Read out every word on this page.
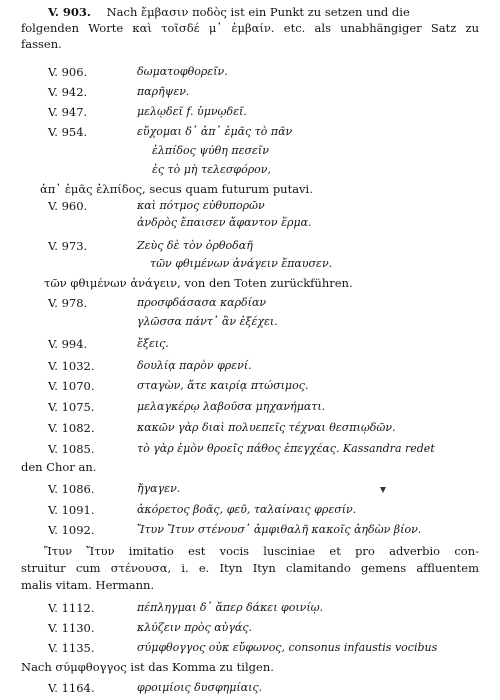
V. 903. Nach ἔμβασιν ποδὸς ist ein Punkt zu setzen und die
folgenden Worte καὶ τοῖσδέ μ᾽ ἐμβαίν. etc. als unabhängiger Satz zu
fassen.
V. 906.	δωματοφθορεῖν.
V. 942.	παρῆψεν.
V. 947.	μελῳδεῖ f. ὑμνῳδεῖ.
V. 954.	εὔχομαι δ᾽ ἀπ᾽ ἐμᾶς τὸ πᾶν
ἐλπίδος ψύθη πεσεῖν
ἐς τὸ μὴ τελεσφόρον,
ἀπ᾽ ἐμᾶς ἐλπίδος, secus quam futurum putavi.
V. 960.	καὶ πότμος εὐθυπορῶν
ἀνδρὸς ἔπαισεν ἄφαντον ἕρμα.
V. 973.	Ζεὺς δὲ τὸν ὀρθοδαῆ
τῶν φθιμένων ἀνάγειν ἔπαυσεν.
τῶν φθιμένων ἀνάγειν, von den Toten zurückführen.
V. 978.	προσφδάσασα καρδίαν
γλῶσσα πάντ᾽ ἂν ἐξέχει.
V. 994.	ἔξεις.
V. 1032.	δουλίᾳ παρὸν φρενί.
V. 1070.	σταγὼν, ἅτε καιρίᾳ πτώσιμος.
V. 1075.	μελαγκέρῳ λαβοῦσα μηχανήματι.
V. 1082.	κακῶν γὰρ διαὶ πολυεπεῖς τέχναι θεσπιῳδῶν.
V. 1085.	τὸ γὰρ ἐμὸν θροεῖς πάθος ἐπεγχέας. Kassandra redet
den Chor an.
V. 1086.	ἤγαγεν.
V. 1091.	ἀκόρετος βοᾶς, φεῦ, ταλαίναις φρεσίν.
V. 1092.	Ἴτυν Ἴτυν στένουσ᾽ ἀμφιθαλῆ κακοῖς ἀηδὼν βίον.
Ἴτυν Ἴτυν imitatio est vocis lusciniae et pro adverbio con-
struitur cum στένουσα, i. e. Ityn Ityn clamitando gemens affluentem
malis vitam. Hermann.
V. 1112.	πέπληγμαι δ᾽ ἅπερ δάκει φοινίῳ.
V. 1130.	κλύζειν πρὸς αὐγάς.
V. 1135.	σύμφθογγος οὐκ εὔφωνος, consonus infaustis vocibus
Nach σύμφθογγος ist das Komma zu tilgen.
V. 1164.	φροιμίοις δυσφημίαις.
